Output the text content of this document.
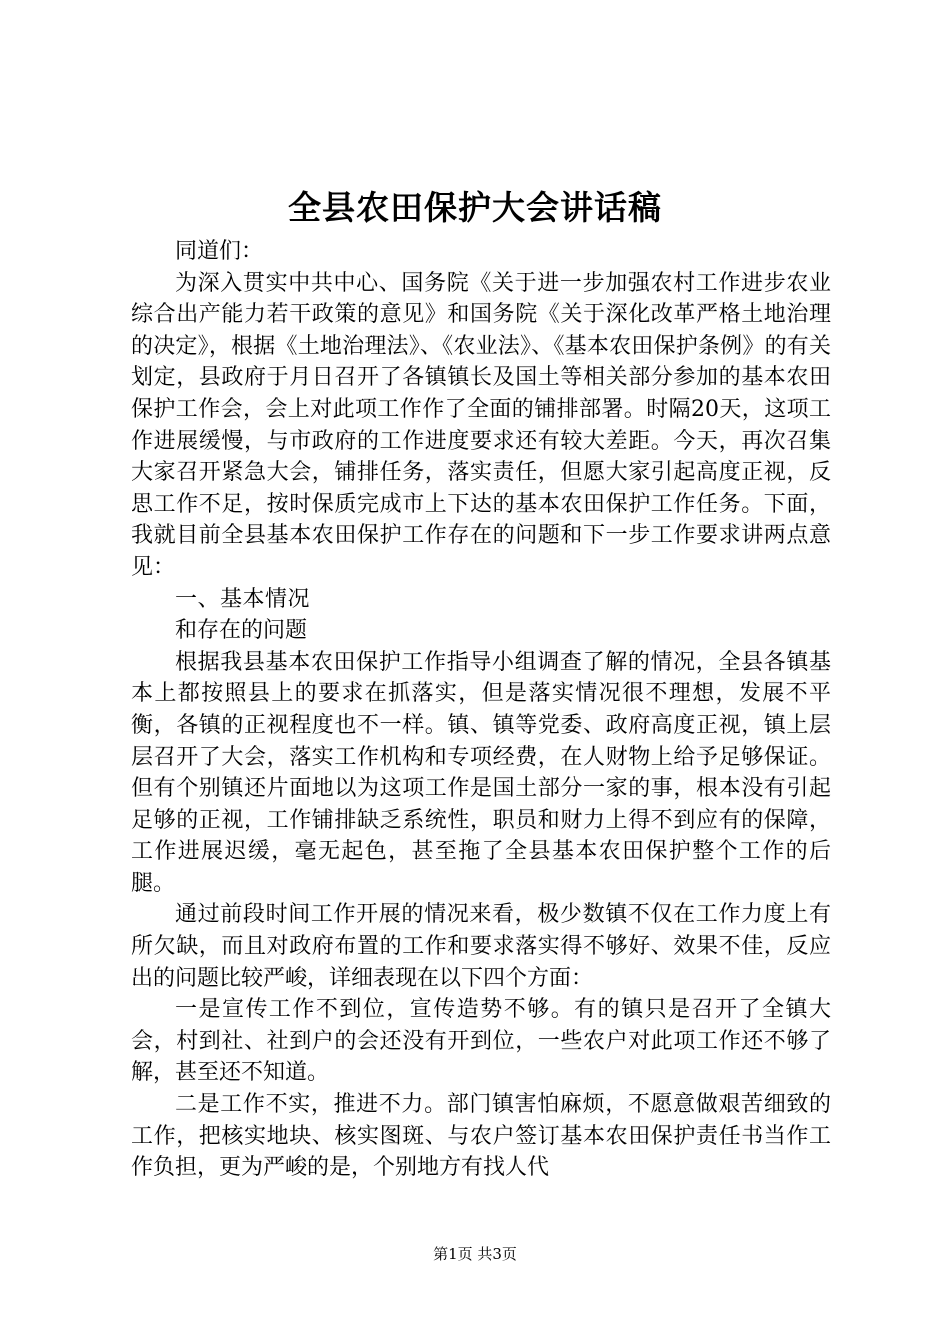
全县农田保护大会讲话稿

同道们：

为深入贯实中共中心、国务院《关于进一步加强农村工作进步农业综合出产能力若干政策的意见》和国务院《关于深化改革严格土地治理的决定》，根据《土地治理法》、《农业法》、《基本农田保护条例》的有关划定，县政府于月日召开了各镇镇长及国土等相关部分参加的基本农田保护工作会，会上对此项工作作了全面的铺排部署。时隔20天，这项工作进展缓慢，与市政府的工作进度要求还有较大差距。今天，再次召集大家召开紧急大会，铺排任务，落实责任，但愿大家引起高度正视，反思工作不足，按时保质完成市上下达的基本农田保护工作任务。下面，我就目前全县基本农田保护工作存在的问题和下一步工作要求讲两点意见：

一、基本情况

和存在的问题

根据我县基本农田保护工作指导小组调查了解的情况，全县各镇基本上都按照县上的要求在抓落实，但是落实情况很不理想，发展不平衡，各镇的正视程度也不一样。镇、镇等党委、政府高度正视，镇上层层召开了大会，落实工作机构和专项经费，在人财物上给予足够保证。但有个别镇还片面地以为这项工作是国土部分一家的事，根本没有引起足够的正视，工作铺排缺乏系统性，职员和财力上得不到应有的保障，工作进展迟缓，毫无起色，甚至拖了全县基本农田保护整个工作的后腿。

通过前段时间工作开展的情况来看，极少数镇不仅在工作力度上有所欠缺，而且对政府布置的工作和要求落实得不够好、效果不佳，反应出的问题比较严峻，详细表现在以下四个方面：

一是宣传工作不到位，宣传造势不够。有的镇只是召开了全镇大会，村到社、社到户的会还没有开到位，一些农户对此项工作还不够了解，甚至还不知道。

二是工作不实，推进不力。部门镇害怕麻烦，不愿意做艰苦细致的工作，把核实地块、核实图斑、与农户签订基本农田保护责任书当作工作负担，更为严峻的是，个别地方有找人代

第1页 共3页
